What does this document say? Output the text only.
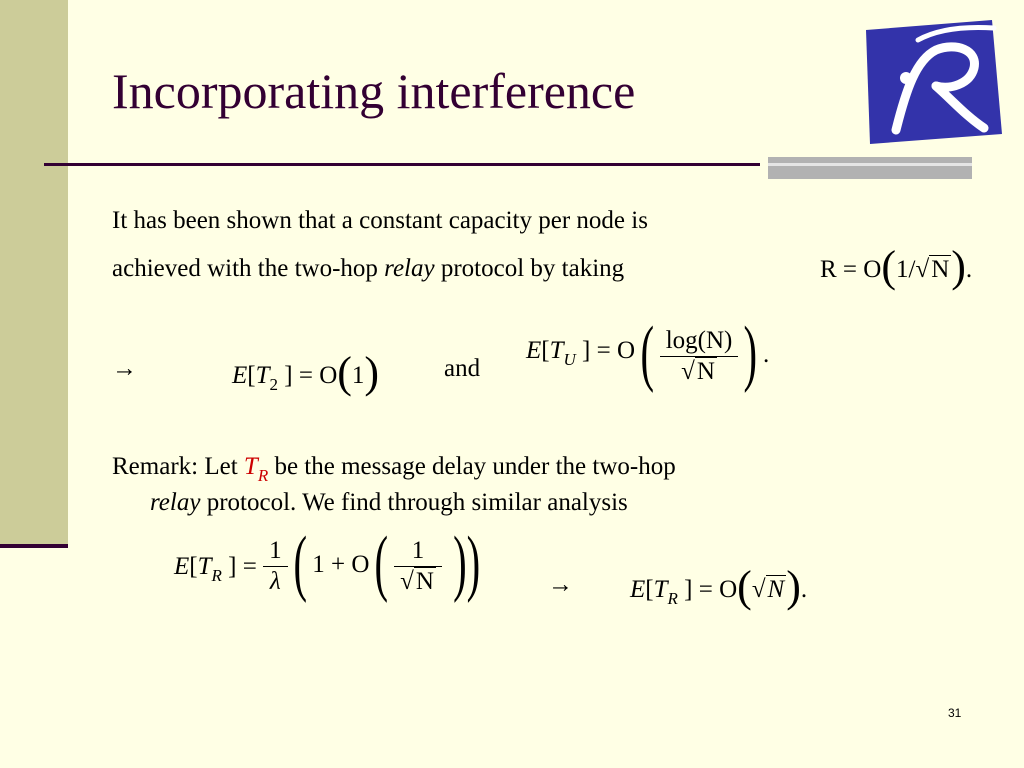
Incorporating interference
It has been shown that a constant capacity per node is
achieved with the two-hop relay protocol by taking	R = O(1/√N).
→	$E[T_2$ ] = O(1)	and
$E[T_U$ ] = $O( \frac{\log(N)}{√N}$ ) .
Remark: Let $T_R$ be the message delay under the two-hop
relay protocol. We find through similar analysis
$E[T_R$ ] = $\frac{1}{\lambda}$ ( $1 + O( \frac{1}{√N}$ ))	→ $E[T_R$ ] = O(√N).
31
